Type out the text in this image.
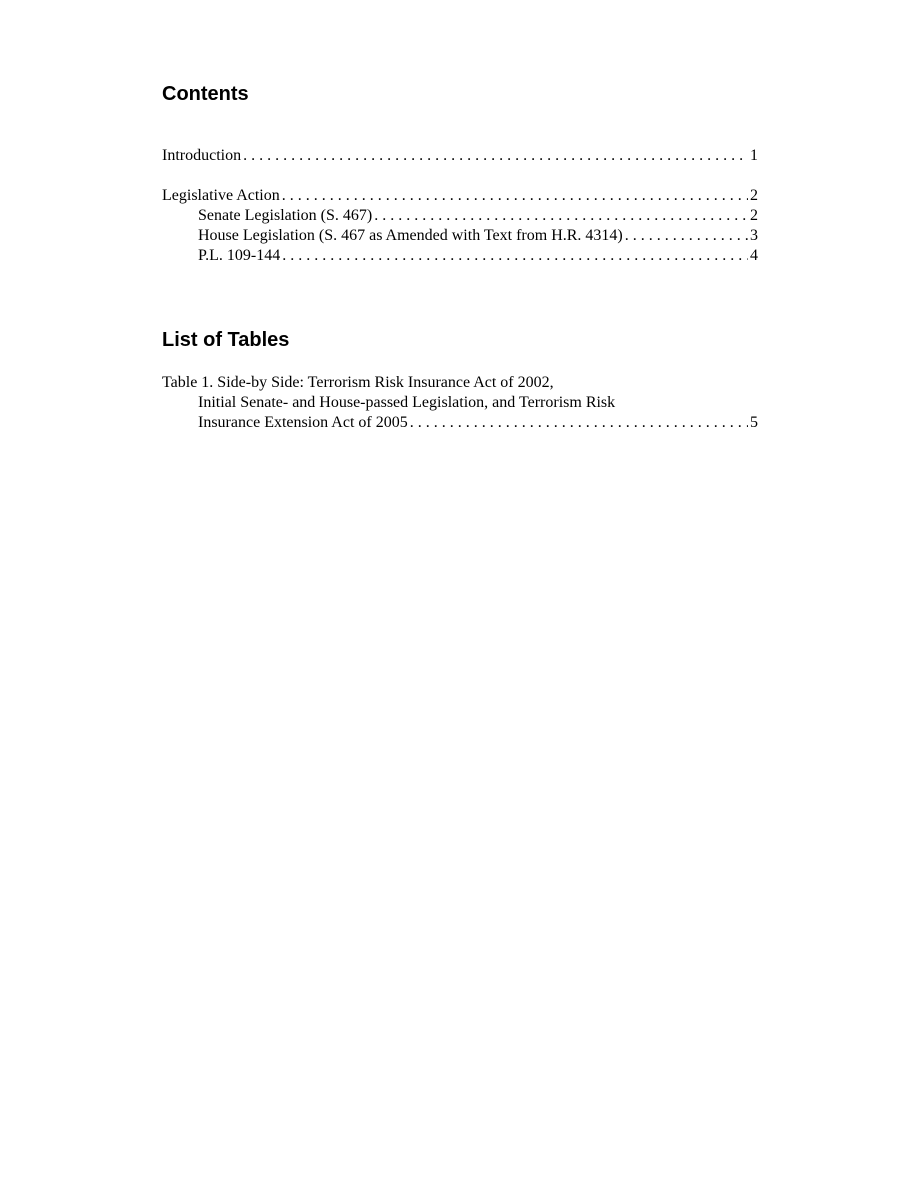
Contents
Introduction . . .	1
Legislative Action . . .	2
Senate Legislation (S. 467) . . .	2
House Legislation (S. 467 as Amended with Text from H.R. 4314) . . .	3
P.L. 109-144 . . .	4
List of Tables
Table 1. Side-by Side: Terrorism Risk Insurance Act of 2002,
Initial Senate- and House-passed Legislation, and Terrorism Risk
Insurance Extension Act of 2005 . . .	5
